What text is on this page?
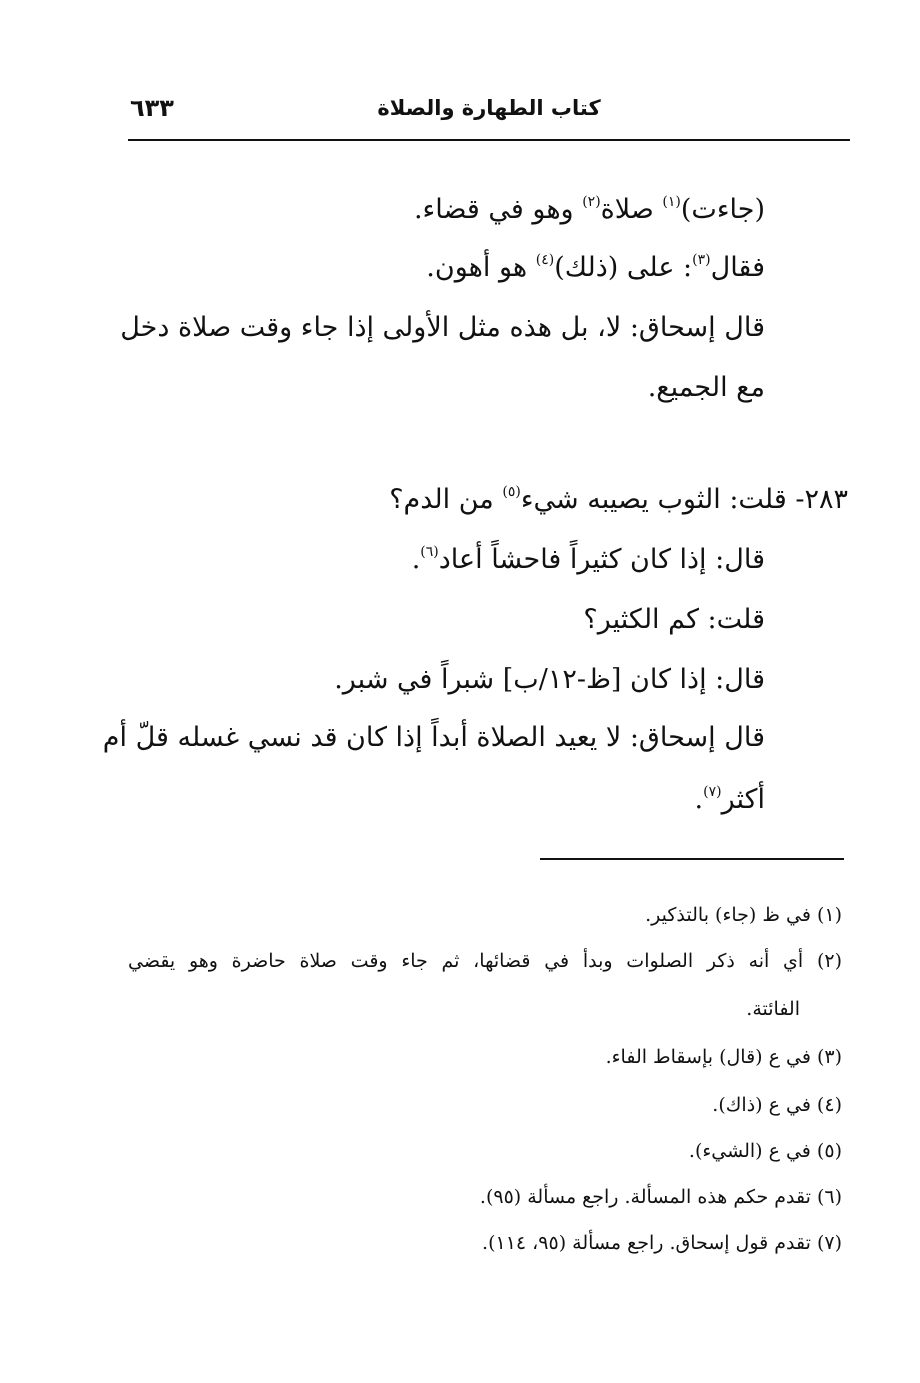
كتاب الطهارة والصلاة
٦٣٣
(جاءت)$^{(١)}$ صلاة$^{(٢)}$ وهو في قضاء.
فقال$^{(٣)}$: على (ذلك)$^{(٤)}$ هو أهون.
قال إسحاق: لا، بل هذه مثل الأولى إذا جاء وقت صلاة دخل
مع الجميع.
٢٨٣- قلت: الثوب يصيبه شيء$^{(٥)}$ من الدم؟
قال: إذا كان كثيراً فاحشاً أعاد$^{(٦)}$.
قلت: كم الكثير؟
قال: إذا كان [ظ-١٢/ب] شبراً في شبر.
قال إسحاق: لا يعيد الصلاة أبداً إذا كان قد نسي غسله قلّ أم
أكثر$^{(٧)}$.
(١) في ظ (جاء) بالتذكير.
(٢) أي أنه ذكر الصلوات وبدأ في قضائها، ثم جاء وقت صلاة حاضرة وهو يقضي
الفائتة.
(٣) في ع (قال) بإسقاط الفاء.
(٤) في ع (ذاك).
(٥) في ع (الشيء).
(٦) تقدم حكم هذه المسألة. راجع مسألة (٩٥).
(٧) تقدم قول إسحاق. راجع مسألة (٩٥، ١١٤).
